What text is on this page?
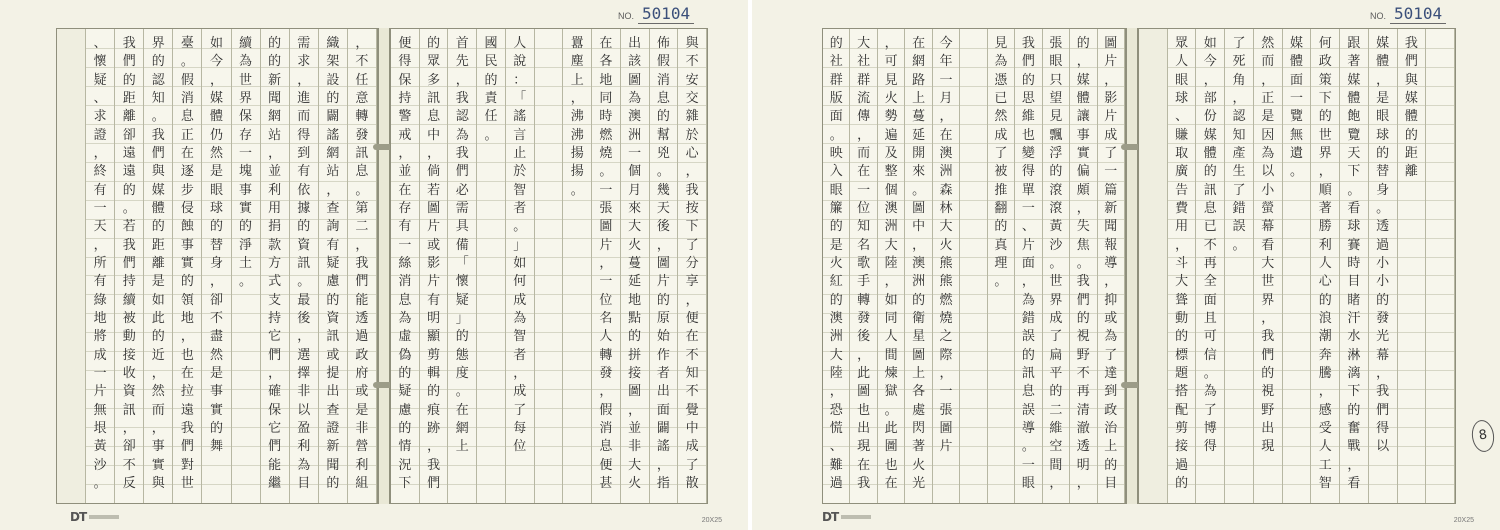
NO. 50104
，
不
任
意
轉
發
訊
息
。
第
二
，
我
們
能
透
過
政
府
或
是
非
營
利
組
織
架
設
的
闢
謠
網
站
，
查
詢
有
疑
慮
的
資
訊
或
提
出
查
證
新
聞
的
需
求
，
進
而
得
到
有
依
據
的
資
訊
。
最
後
，
選
擇
非
以
盈
利
為
目
的
的
新
聞
網
站
，
並
利
用
捐
款
方
式
支
持
它
們
，
確
保
它
們
能
繼
續
為
世
界
保
存
一
塊
事
實
的
淨
土
。
如
今
，
媒
體
仍
然
是
眼
球
的
替
身
，
卻
不
盡
然
是
事
實
的
舞
臺
。
假
消
息
正
在
逐
步
侵
蝕
事
實
的
領
地
，
也
在
拉
遠
我
們
對
世
界
的
認
知
。
我
們
與
媒
體
的
距
離
是
如
此
的
近
，
然
而
，
事
實
與
我
們
的
距
離
卻
遠
遠
的
。
若
我
們
持
續
被
動
接
收
資
訊
，
卻
不
反
、
懷
疑
、
求
證
，
終
有
一
天
，
所
有
綠
地
將
成
一
片
無
垠
黃
沙
。
與
不
安
交
雜
於
心
，
我
按
下
了
分
享
，
便
在
不
知
不
覺
中
成
了
散
佈
假
消
息
的
幫
兇
。
幾
天
後
，
圖
片
的
原
始
作
者
出
面
闢
謠
，
指
出
該
圖
為
澳
洲
一
個
月
來
大
火
蔓
延
地
點
的
拼
接
圖
，
並
非
大
火
在
各
地
同
時
燃
燒
。
一
張
圖
片
，
一
位
名
人
轉
發
，
假
消
息
便
甚
囂
塵
上
，
沸
沸
揚
揚
。
人
說
：
「
謠
言
止
於
智
者
。
」
如
何
成
為
智
者
，
成
了
每
位
國
民
的
責
任
。
首
先
，
我
認
為
我
們
必
需
具
備
「
懷
疑
」
的
態
度
。
在
網
上
的
眾
多
訊
息
中
，
倘
若
圖
片
或
影
片
有
明
顯
剪
輯
的
痕
跡
，
我
們
便
得
保
持
警
戒
，
並
在
存
有
一
絲
消
息
為
虛
偽
的
疑
慮
的
情
況
下
DT	20X25
NO. 50104
圖
片
，
影
片
成
了
一
篇
新
聞
報
導
，
抑
或
為
了
達
到
政
治
上
的
目
的
，
媒
體
讓
事
實
偏
頗
，
失
焦
。
我
們
的
視
野
不
再
清
澈
透
明
，
張
眼
只
望
見
飄
浮
的
滾
滾
黃
沙
。
世
界
成
了
扁
平
的
二
維
空
間
，
我
們
的
思
維
也
變
得
單
一
、
片
面
，
為
錯
誤
的
訊
息
誤
導
。
一
眼
見
為
憑
已
然
成
了
被
推
翻
的
真
理
。
今
年
一
月
，
在
澳
洲
森
林
大
火
熊
熊
燃
燒
之
際
，
一
張
圖
片
在
網
路
上
蔓
延
開
來
。
圖
中
，
澳
洲
的
衛
星
圖
上
各
處
閃
著
火
光
，
可
見
火
勢
遍
及
整
個
澳
洲
大
陸
，
如
同
人
間
煉
獄
。
此
圖
也
在
大
社
群
流
傳
，
而
在
一
位
知
名
歌
手
轉
發
後
，
此
圖
也
出
現
在
我
的
社
群
版
面
。
映
入
眼
簾
的
是
火
紅
的
澳
洲
大
陸
，
恐
慌
、
難
過
我
們
與
媒
體
的
距
離
媒
體
，
是
眼
球
的
替
身
。
透
過
小
小
的
發
光
幕
，
我
們
得
以
跟
著
媒
體
飽
覽
天
下
。
看
球
賽
時
目
睹
汗
水
淋
漓
下
的
奮
戰
，
看
何
政
策
下
的
世
界
，
順
著
勝
利
人
心
的
浪
潮
奔
騰
，
感
受
人
工
智
媒
體
面
一
覽
無
遺
。
然
而
，
正
是
因
為
以
小
螢
幕
看
大
世
界
，
我
們
的
視
野
出
現
了
死
角
，
認
知
產
生
了
錯
誤
。
如
今
，
部
份
媒
體
的
訊
息
已
不
再
全
面
且
可
信
。
為
了
博
得
眾
人
眼
球
、
賺
取
廣
告
費
用
，
斗
大
聳
動
的
標
題
搭
配
剪
接
過
的
8
DT	20X25
